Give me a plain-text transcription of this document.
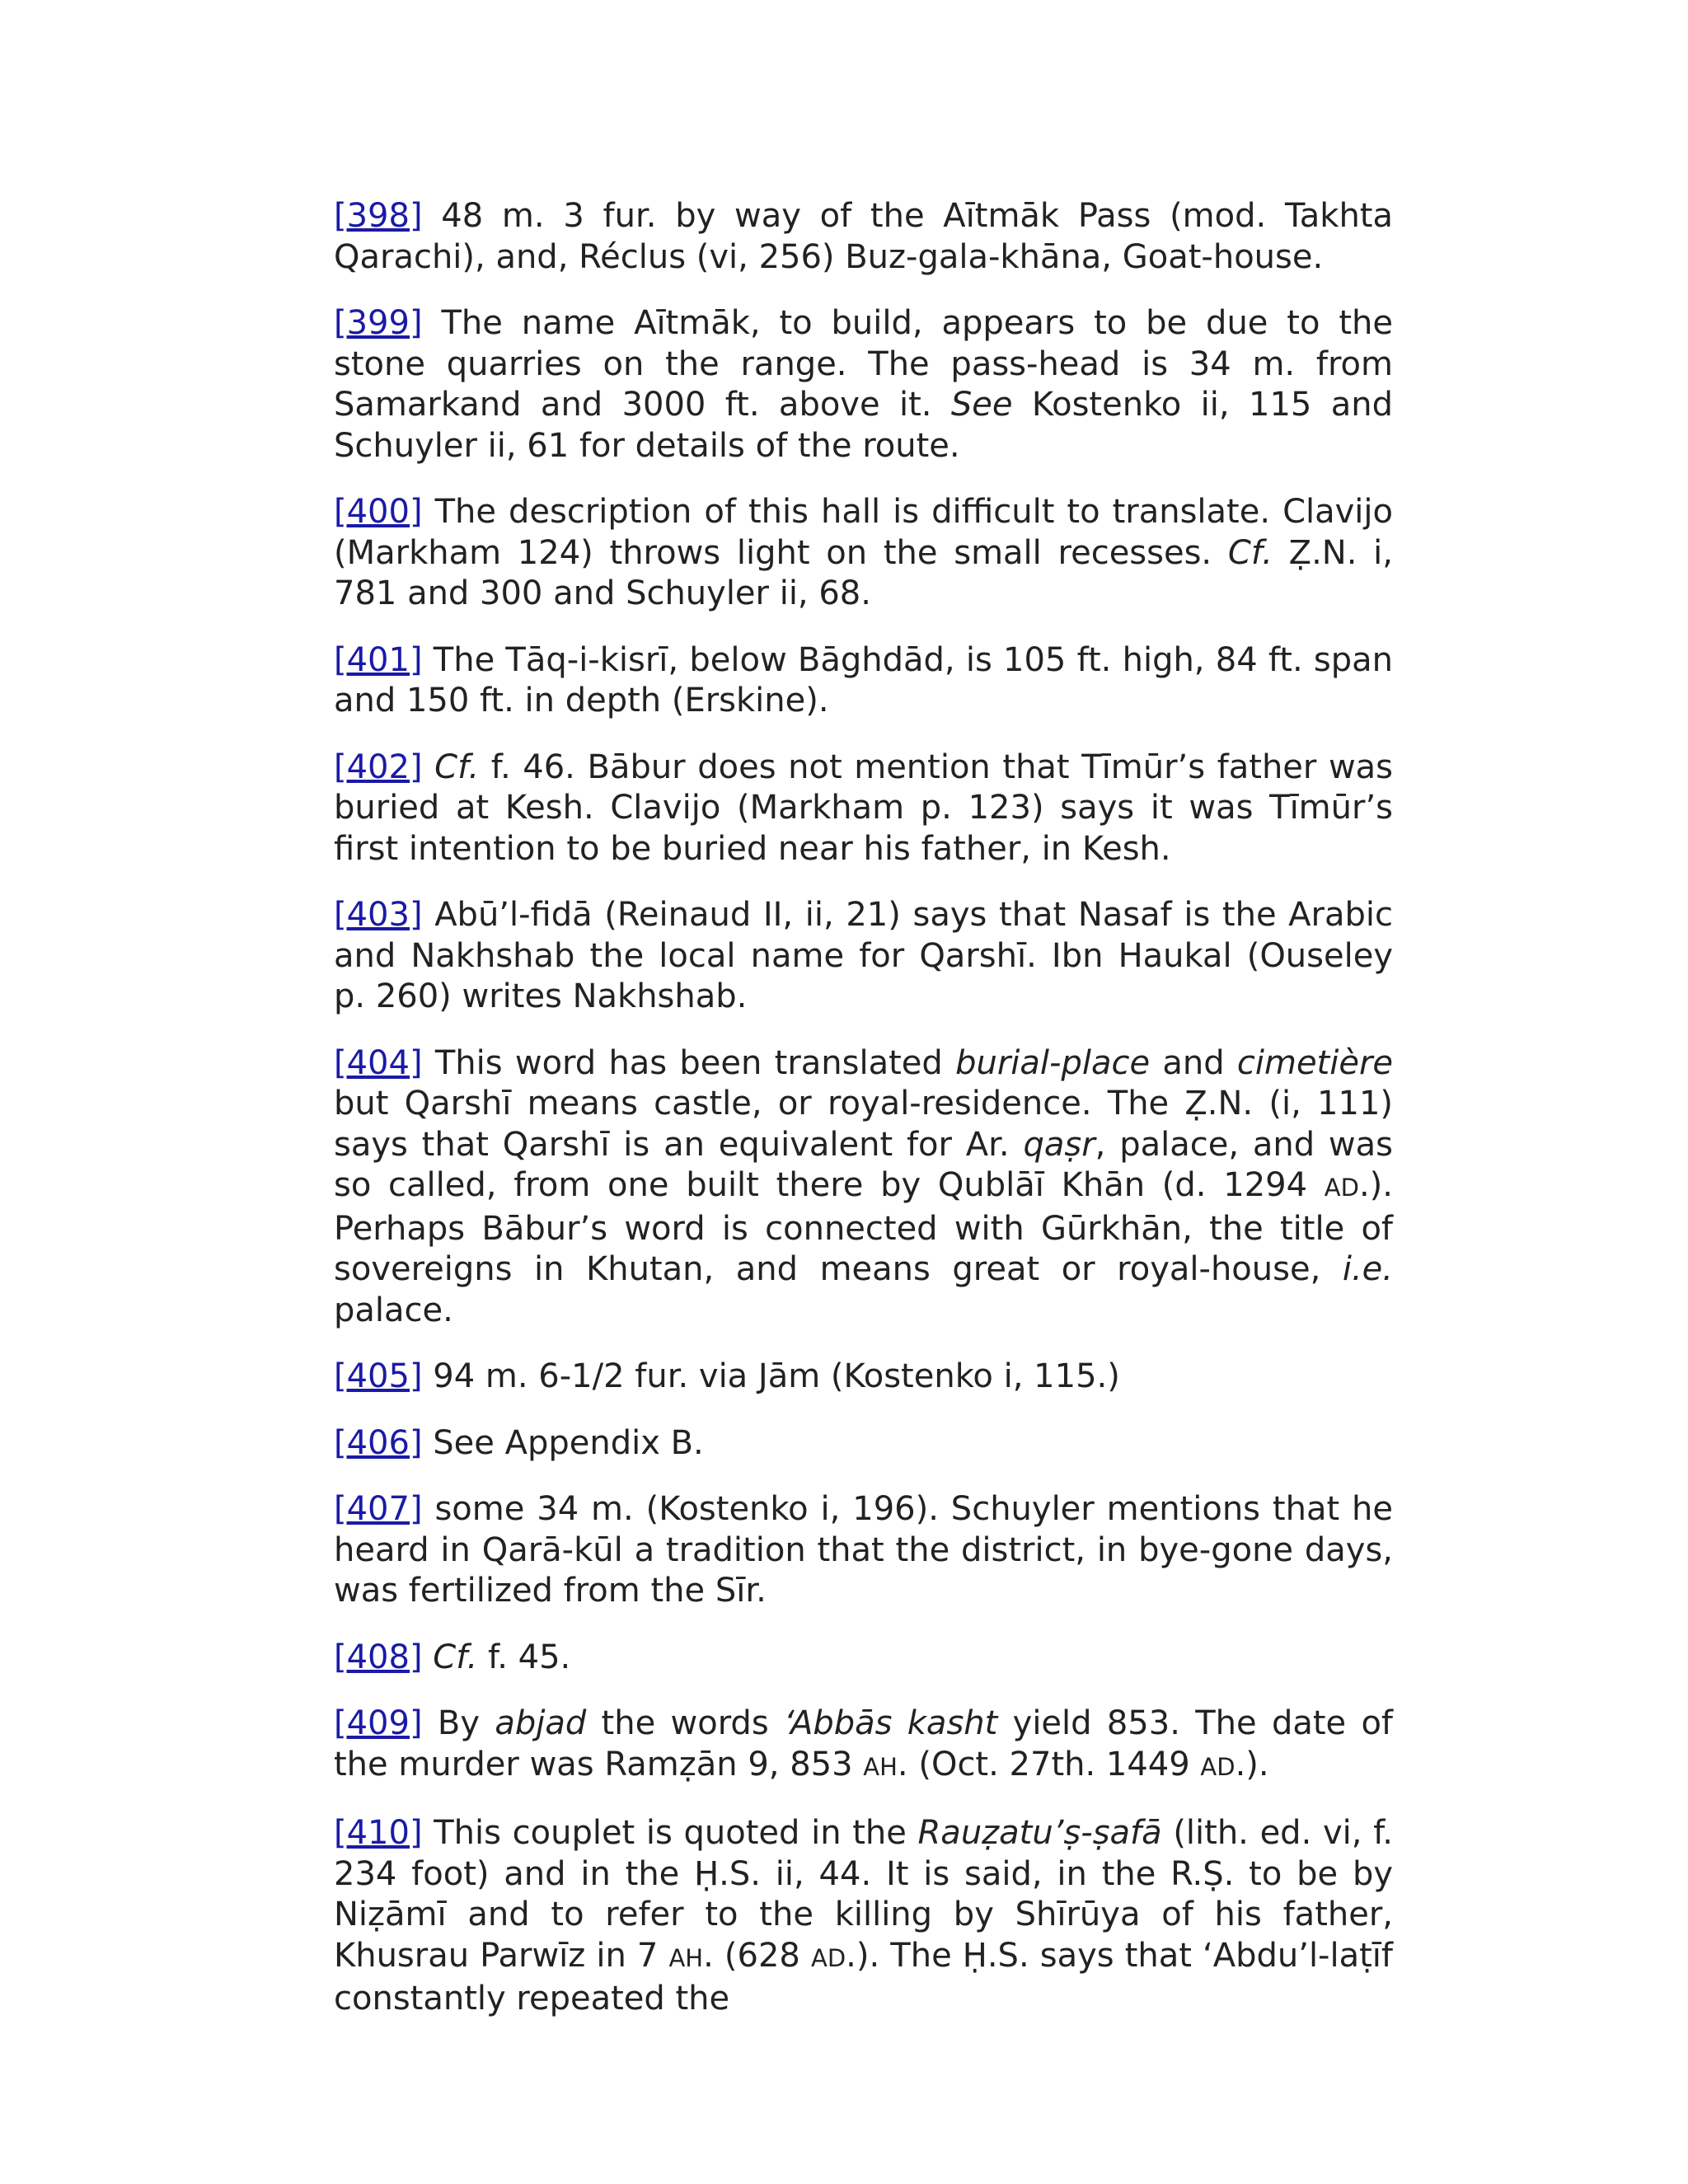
[398] 48 m. 3 fur. by way of the Aītmāk Pass (mod. Takhta Qarachi), and, Réclus (vi, 256) Buz-gala-khāna, Goat-house.

[399] The name Aītmāk, to build, appears to be due to the stone quarries on the range. The pass-head is 34 m. from Samarkand and 3000 ft. above it. See Kostenko ii, 115 and Schuyler ii, 61 for details of the route.

[400] The description of this hall is difficult to translate. Clavijo (Markham 124) throws light on the small recesses. Cf. Ẓ.N. i, 781 and 300 and Schuyler ii, 68.

[401] The Tāq-i-kisrī, below Bāghdād, is 105 ft. high, 84 ft. span and 150 ft. in depth (Erskine).

[402] Cf. f. 46. Bābur does not mention that Tīmūr’s father was buried at Kesh. Clavijo (Markham p. 123) says it was Tīmūr’s first intention to be buried near his father, in Kesh.

[403] Abū’l-fidā (Reinaud II, ii, 21) says that Nasaf is the Arabic and Nakhshab the local name for Qarshī. Ibn Haukal (Ouseley p. 260) writes Nakhshab.

[404] This word has been translated burial-place and cimetière but Qarshī means castle, or royal-residence. The Ẓ.N. (i, 111) says that Qarshī is an equivalent for Ar. qaṣr, palace, and was so called, from one built there by Qublāī Khān (d. 1294 AD.). Perhaps Bābur’s word is connected with Gūrkhān, the title of sovereigns in Khutan, and means great or royal-house, i.e. palace.

[405] 94 m. 6-1/2 fur. via Jām (Kostenko i, 115.)

[406] See Appendix B.

[407] some 34 m. (Kostenko i, 196). Schuyler mentions that he heard in Qarā-kūl a tradition that the district, in bye-gone days, was fertilized from the Sīr.

[408] Cf. f. 45.

[409] By abjad the words ‘Abbās kasht yield 853. The date of the murder was Ramẓān 9, 853 AH. (Oct. 27th. 1449 AD.).

[410] This couplet is quoted in the Rauẓatu’ṣ-ṣafā (lith. ed. vi, f. 234 foot) and in the Ḥ.S. ii, 44. It is said, in the R.Ṣ. to be by Niẓāmī and to refer to the killing by Shīrūya of his father, Khusrau Parwīz in 7 AH. (628 AD.). The Ḥ.S. says that ‘Abdu’l-laṭīf constantly repeated the
